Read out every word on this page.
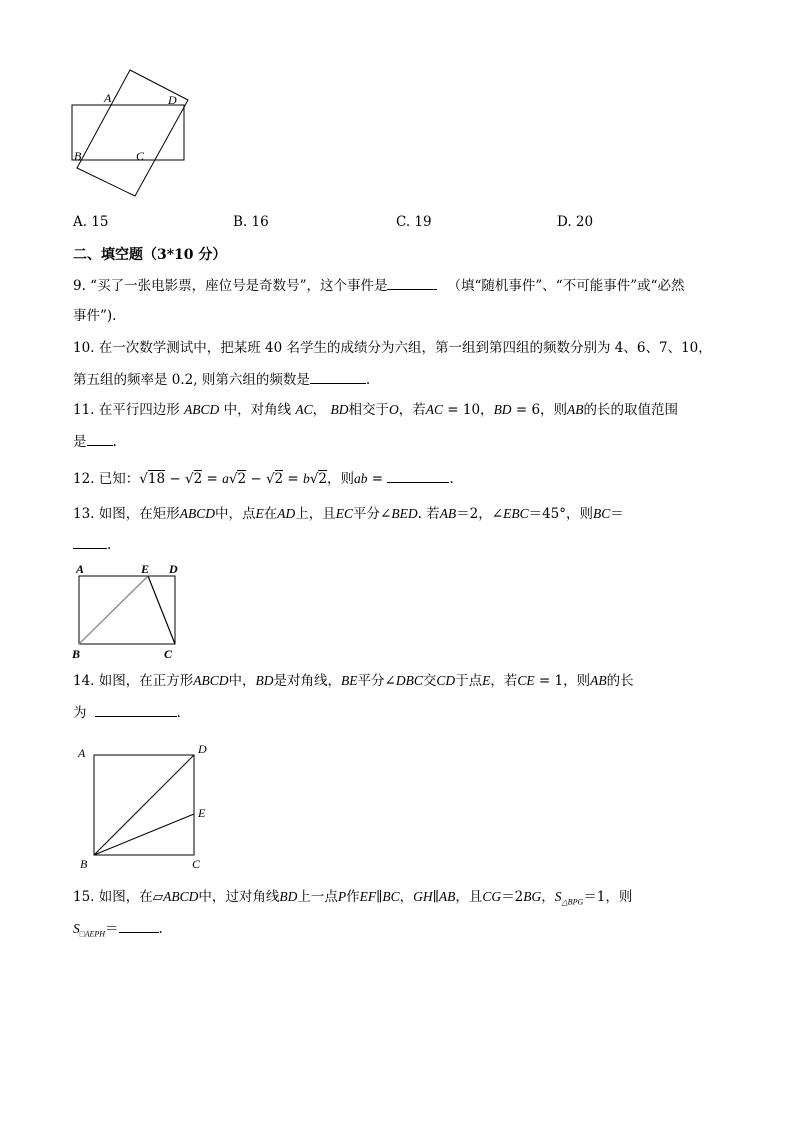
A	D
B	C
A. 15	B. 16	C. 19	D. 20
二、填空题（3*10 分）
9. “买了一张电影票，座位号是奇数号”，这个事件是	（填“随机事件”、“不可能事件”或“必然
事件”).
10. 在一次数学测试中，把某班 40 名学生的成绩分为六组，第一组到第四组的频数分别为 4、6、7、10，
第五组的频率是 0.2, 则第六组的频数是	.
11. 在平行四边形 ABCD 中，对角线 AC， BD相交于O，若AC = 10，BD = 6，则AB的长的取值范围
是 .
12. 已知：√18 − √2 = a√2 − √2 = b√2，则ab =	.
13. 如图，在矩形ABCD中，点E在AD上，且EC平分∠BED. 若AB＝2，∠EBC＝45°，则BC＝
.
A	E D
B	C
14. 如图，在正方形ABCD中，BD是对角线，BE平分∠DBC交CD于点E，若CE = 1，则AB的长
为	.
A	D
E
B	C
15. 如图，在▱ABCD中，过对角线BD上一点P作EF∥BC，GH∥AB，且CG＝2BG，$S_{\triangle BPG}=1$，则
$S_{□AEPH}=$	.
